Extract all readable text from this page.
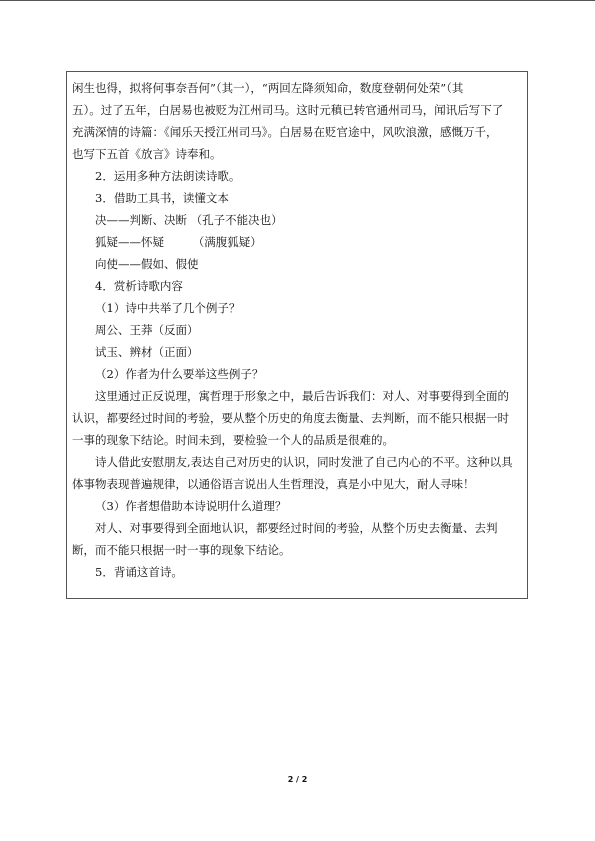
闲生也得，拟将何事奈吾何”（其一），“两回左降须知命，数度登朝何处荣”（其

五）。过了五年，白居易也被贬为江州司马。这时元稹已转官通州司马，闻讯后写下了

充满深情的诗篇：《闻乐天授江州司马》。白居易在贬官途中，风吹浪激，感慨万千，

也写下五首《放言》诗奉和。

2．运用多种方法朗读诗歌。

3．借助工具书，读懂文本

决——判断、决断 （孔子不能决也）

狐疑——怀疑　　　（满腹狐疑）

向使——假如、假使

4．赏析诗歌内容

（1）诗中共举了几个例子？

周公、王莽（反面）

试玉、辨材（正面）

（2）作者为什么要举这些例子？

这里通过正反说理，寓哲理于形象之中，最后告诉我们：对人、对事要得到全面的

认识，都要经过时间的考验，要从整个历史的角度去衡量、去判断，而不能只根据一时

一事的现象下结论。时间未到，要检验一个人的品质是很难的。

诗人借此安慰朋友,表达自己对历史的认识，同时发泄了自己内心的不平。这种以具

体事物表现普遍规律，以通俗语言说出人生哲理没，真是小中见大，耐人寻味！

（3）作者想借助本诗说明什么道理？

对人、对事要得到全面地认识，都要经过时间的考验，从整个历史去衡量、去判

断，而不能只根据一时一事的现象下结论。

5．背诵这首诗。

2 / 2
